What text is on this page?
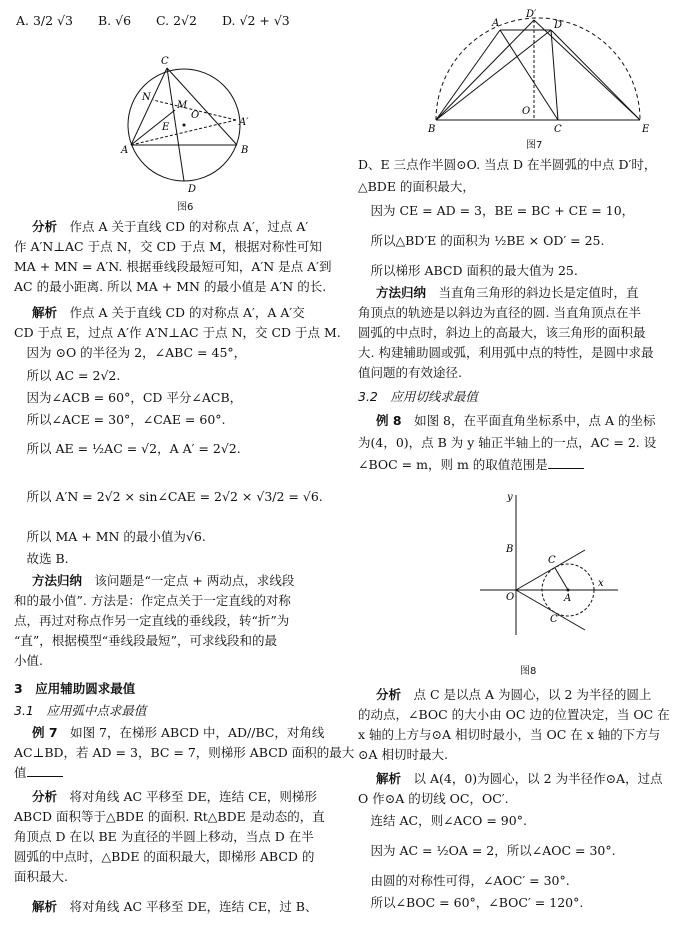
A. 3/2 √3　　B. √6　　C. 2√2　　D. √2 + √3
C
N
M
O
E	A′
A	B
D
图6
分析　作点 A 关于直线 CD 的对称点 A′，过点 A′
作 A′N⊥AC 于点 N，交 CD 于点 M，根据对称性可知
MA + MN = A′N. 根据垂线段最短可知，A′N 是点 A′到
AC 的最小距离. 所以 MA + MN 的最小值是 A′N 的长.
解析　作点 A 关于直线 CD 的对称点 A′，A A′交
CD 于点 E，过点 A′作 A′N⊥AC 于点 N，交 CD 于点 M.
　因为 ⊙O 的半径为 2，∠ABC = 45°，
　所以 AC = 2√2.
　因为∠ACB = 60°，CD 平分∠ACB，
　所以∠ACE = 30°，∠CAE = 60°.
　所以 AE = ½AC = √2，A A′ = 2√2.
　所以 A′N = 2√2 × sin∠CAE = 2√2 × √3/2 = √6.
　所以 MA + MN 的最小值为√6.
　故选 B.
方法归纳　该问题是“一定点 + 两动点，求线段
和的最小值”. 方法是：作定点关于一定直线的对称
点，再过对称点作另一定直线的垂线段，转“折”为
“直”，根据模型“垂线段最短”，可求线段和的最
小值.
3　应用辅助圆求最值
3.1　应用弧中点求最值
例 7　如图 7，在梯形 ABCD 中，AD//BC，对角线
AC⊥BD，若 AD = 3，BC = 7，则梯形 ABCD 面积的最大
值
分析　将对角线 AC 平移至 DE，连结 CE，则梯形
ABCD 面积等于△BDE 的面积. Rt△BDE 是动态的，直
角顶点 D 在以 BE 为直径的半圆上移动，当点 D 在半
圆弧的中点时，△BDE 的面积最大，即梯形 ABCD 的
面积最大.
解析　将对角线 AC 平移至 DE，连结 CE，过 B、
A
D′
D
O
B	C	E
图7
D、E 三点作半圆⊙O. 当点 D 在半圆弧的中点 D′时，
△BDE 的面积最大，
　因为 CE = AD = 3，BE = BC + CE = 10，
　所以△BD′E 的面积为 ½BE × OD′ = 25.
　所以梯形 ABCD 面积的最大值为 25.
方法归纳　当直角三角形的斜边长是定值时，直
角顶点的轨迹是以斜边为直径的圆. 当直角顶点在半
圆弧的中点时，斜边上的高最大，该三角形的面积最
大. 构建辅助圆或弧，利用弧中点的特性，是圆中求最
值问题的有效途径.
3.2　应用切线求最值
例 8　如图 8，在平面直角坐标系中，点 A 的坐标
为(4，0)，点 B 为 y 轴正半轴上的一点，AC = 2. 设
∠BOC = m，则 m 的取值范围是
y
B
C
O	A
x
C′
图8
分析　点 C 是以点 A 为圆心，以 2 为半径的圆上
的动点，∠BOC 的大小由 OC 边的位置决定，当 OC 在
x 轴的上方与⊙A 相切时最小，当 OC 在 x 轴的下方与
⊙A 相切时最大.
解析　以 A(4，0)为圆心，以 2 为半径作⊙A，过点
O 作⊙A 的切线 OC，OC′.
　连结 AC，则∠ACO = 90°.
　因为 AC = ½OA = 2，所以∠AOC = 30°.
　由圆的对称性可得，∠AOC′ = 30°.
　所以∠BOC = 60°，∠BOC′ = 120°.
